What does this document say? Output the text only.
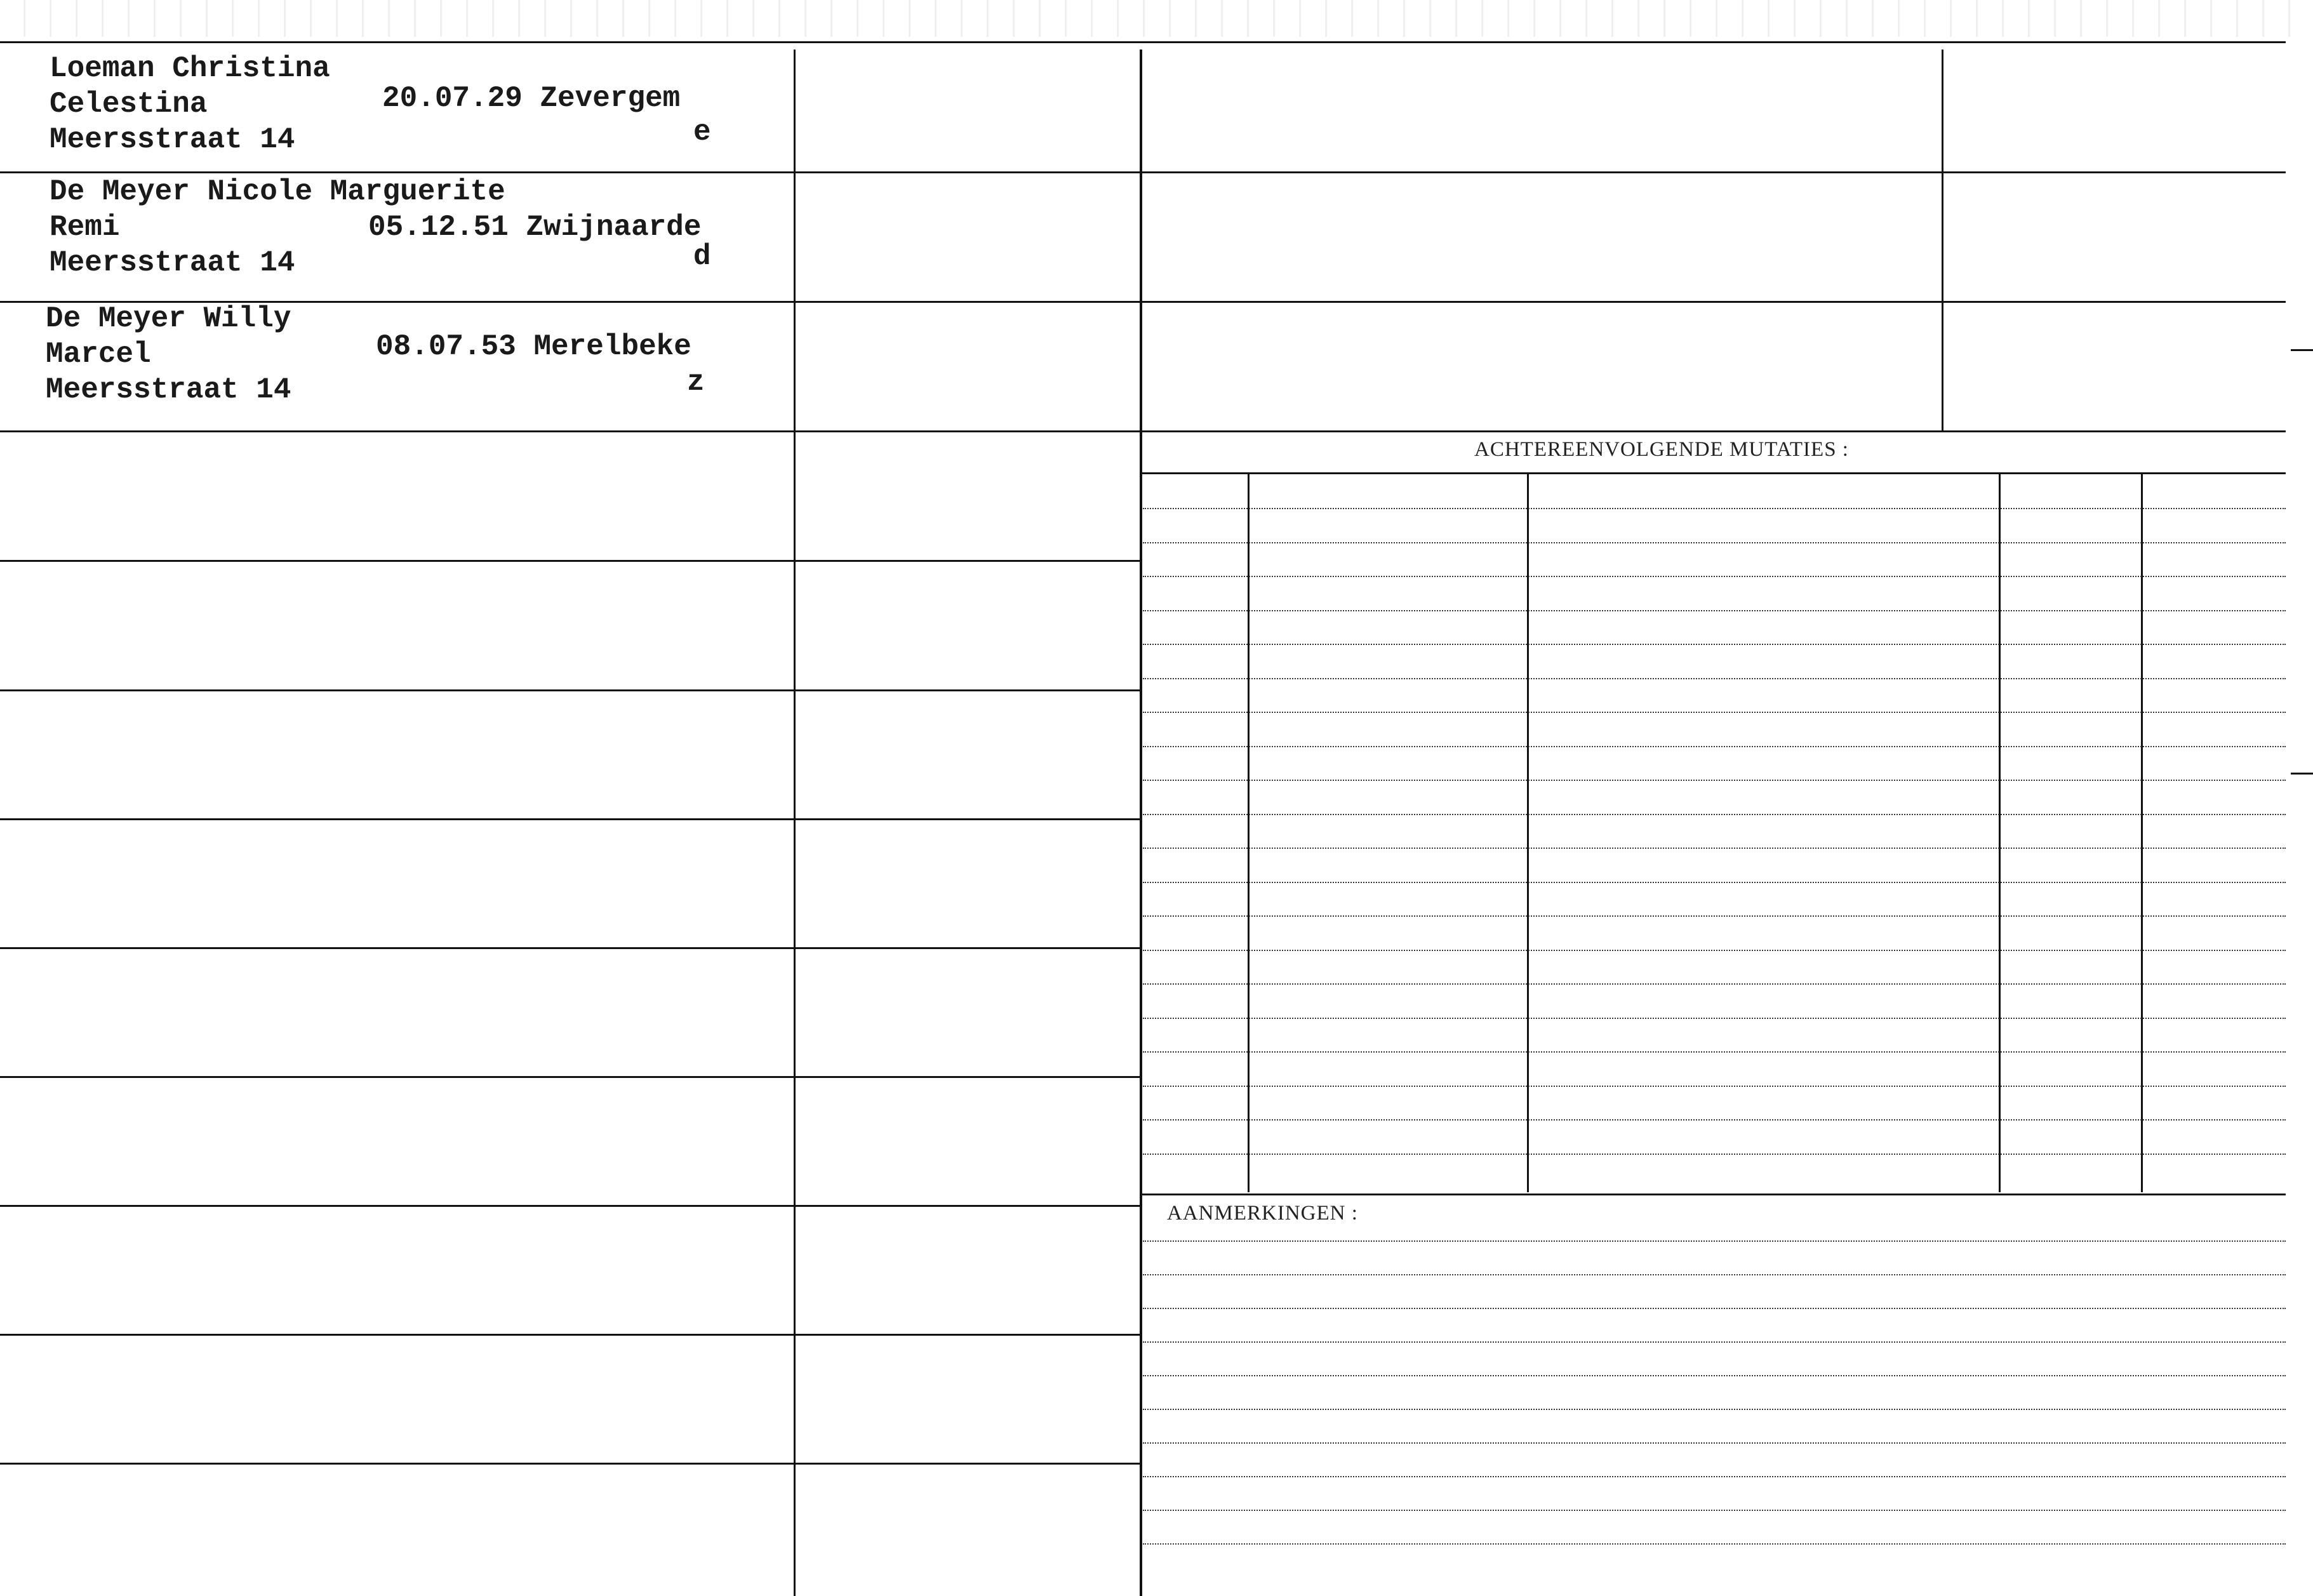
Loeman Christina
Celestina
Meersstraat 14
20.07.29 Zevergem
e
De Meyer Nicole Marguerite
Remi
Meersstraat 14
05.12.51 Zwijnaarde
d
De Meyer Willy
Marcel
Meersstraat 14
08.07.53 Merelbeke
z
ACHTEREENVOLGENDE MUTATIES :
AANMERKINGEN :
